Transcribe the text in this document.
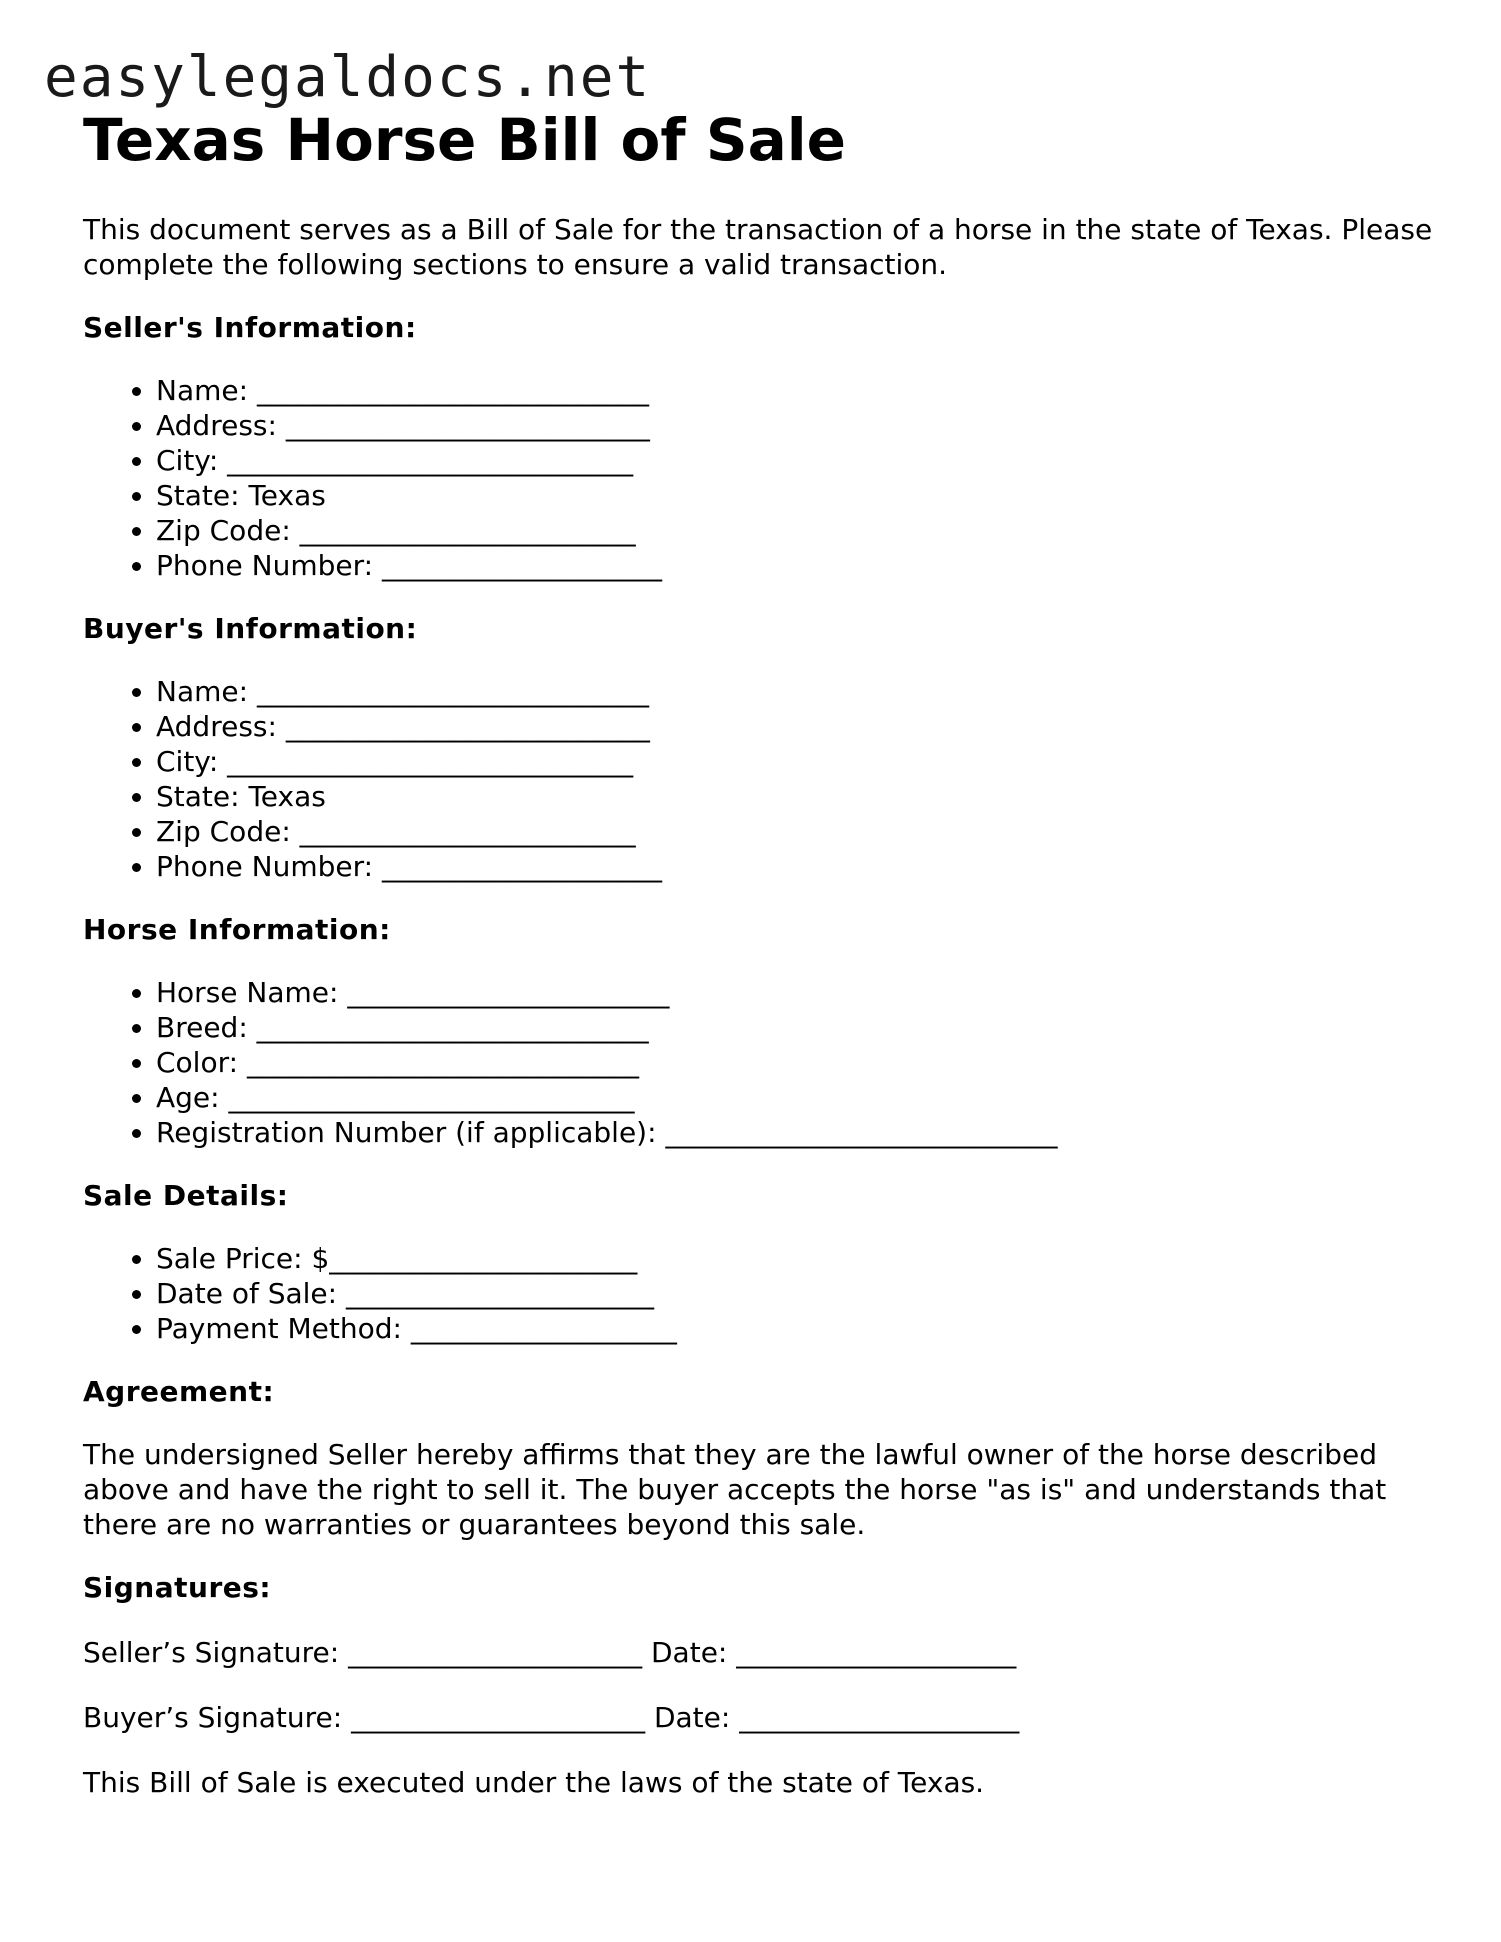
easylegaldocs.net
Texas Horse Bill of Sale

This document serves as a Bill of Sale for the transaction of a horse in the state of Texas. Please complete the following sections to ensure a valid transaction.

Seller's Information:
• Name: ____________________________
• Address: __________________________
• City: _____________________________
• State: Texas
• Zip Code: ________________________
• Phone Number: ____________________
Buyer's Information:
• Name: ____________________________
• Address: __________________________
• City: _____________________________
• State: Texas
• Zip Code: ________________________
• Phone Number: ____________________
Horse Information:
• Horse Name: _______________________
• Breed: ____________________________
• Color: ____________________________
• Age: _____________________________
• Registration Number (if applicable): ____________________________
Sale Details:
• Sale Price: $______________________
• Date of Sale: ______________________
• Payment Method: ___________________
Agreement:

The undersigned Seller hereby affirms that they are the lawful owner of the horse described above and have the right to sell it. The buyer accepts the horse "as is" and understands that there are no warranties or guarantees beyond this sale.

Signatures:

Seller’s Signature: _____________________ Date: ____________________

Buyer’s Signature: _____________________ Date: ____________________

This Bill of Sale is executed under the laws of the state of Texas.
